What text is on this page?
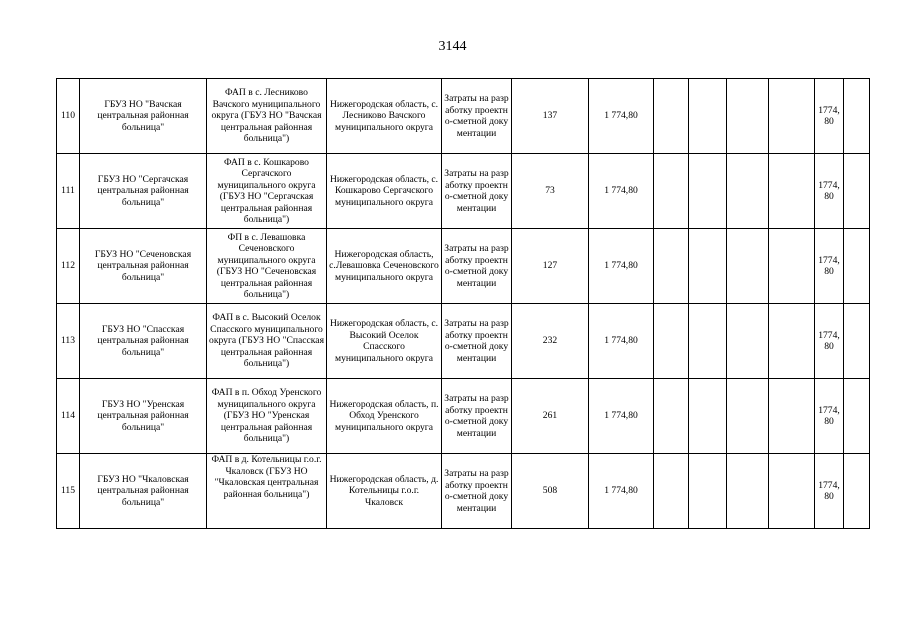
3144
110	ГБУЗ НО "Вачская центральная районная больница"	ФАП в с. Лесниково Вачского муниципального округа (ГБУЗ НО "Вачская центральная районная больница")	Нижегородская область, с. Лесниково Вачского муниципального округа	Затраты на разработку проектно-сметной документации	137	1 774,80					1774,80	
111	ГБУЗ НО "Сергачская центральная районная больница"	ФАП в с. Кошкарово Сергачского муниципального округа (ГБУЗ НО "Сергачская центральная районная больница")	Нижегородская область, с. Кошкарово Сергачского муниципального округа	Затраты на разработку проектно-сметной документации	73	1 774,80					1774,80	
112	ГБУЗ НО "Сеченовская центральная районная больница"	ФП в с. Левашовка Сеченовского муниципального округа (ГБУЗ НО "Сеченовская центральная районная больница")	Нижегородская область, с.Левашовка Сеченовского муниципального округа	Затраты на разработку проектно-сметной документации	127	1 774,80					1774,80	
113	ГБУЗ НО "Спасская центральная районная больница"	ФАП в с. Высокий Оселок Спасского муниципального округа (ГБУЗ НО "Спасская центральная районная больница")	Нижегородская область, с. Высокий Оселок Спасского муниципального округа	Затраты на разработку проектно-сметной документации	232	1 774,80					1774,80	
114	ГБУЗ НО "Уренская центральная районная больница"	ФАП в п. Обход Уренского муниципального округа (ГБУЗ НО "Уренская центральная районная больница")	Нижегородская область, п. Обход Уренского муниципального округа	Затраты на разработку проектно-сметной документации	261	1 774,80					1774,80	
115	ГБУЗ НО "Чкаловская центральная районная больница"	ФАП в д. Котельницы г.о.г. Чкаловск (ГБУЗ НО "Чкаловская центральная районная больница")	Нижегородская область, д. Котельницы г.о.г. Чкаловск	Затраты на разработку проектно-сметной документации	508	1 774,80					1774,80	
